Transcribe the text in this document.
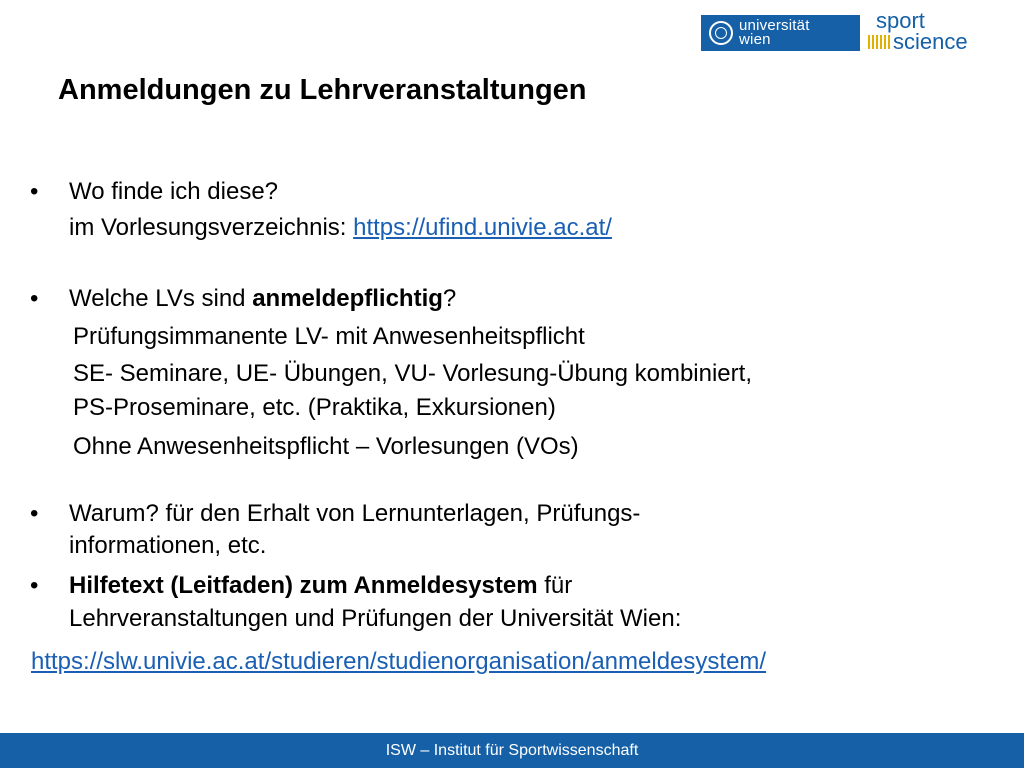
universität
wien
sport
science
Anmeldungen zu Lehrveranstaltungen
• Wo finde ich diese?
im Vorlesungsverzeichnis: https://ufind.univie.ac.at/
• Welche LVs sind anmeldepflichtig?
Prüfungsimmanente LV- mit Anwesenheitspflicht
SE- Seminare, UE- Übungen, VU- Vorlesung-Übung kombiniert,
PS-Proseminare, etc. (Praktika, Exkursionen)
Ohne Anwesenheitspflicht – Vorlesungen (VOs)
• Warum? für den Erhalt von Lernunterlagen, Prüfungs-
informationen, etc.
• Hilfetext (Leitfaden) zum Anmeldesystem für
Lehrveranstaltungen und Prüfungen der Universität Wien:
https://slw.univie.ac.at/studieren/studienorganisation/anmeldesystem/
ISW – Institut für Sportwissenschaft
